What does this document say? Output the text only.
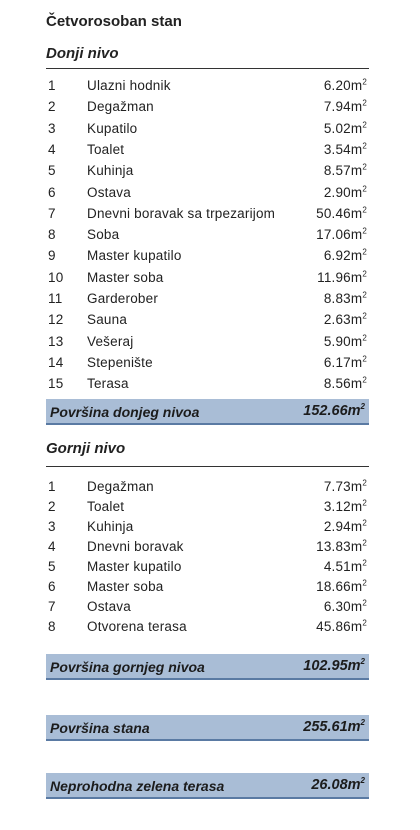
Četvorosoban stan
Donji nivo
1 Ulazni hodnik	$6.20m^2$
2 Degažman	$7.94m^2$
3 Kupatilo	$5.02m^2$
4 Toalet	$3.54m^2$
5 Kuhinja	$8.57m^2$
6 Ostava	$2.90m^2$
7 Dnevni boravak sa trpezarijom	$50.46m^2$
8 Soba	$17.06m^2$
9 Master kupatilo	$6.92m^2$
10 Master soba	$11.96m^2$
11 Garderober	$8.83m^2$
12 Sauna	$2.63m^2$
13 Vešeraj	$5.90m^2$
14 Stepenište	$6.17m^2$
15 Terasa	$8.56m^2$
Površina donjeg nivoa	$152.66m^2$
Gornji nivo
1 Degažman	$7.73m^2$
2 Toalet	$3.12m^2$
3 Kuhinja	$2.94m^2$
4 Dnevni boravak	$13.83m^2$
5 Master kupatilo	$4.51m^2$
6 Master soba	$18.66m^2$
7 Ostava	$6.30m^2$
8 Otvorena terasa	$45.86m^2$
Površina gornjeg nivoa	$102.95m^2$
Površina stana	$255.61m^2$
Neprohodna zelena terasa	$26.08m^2$
